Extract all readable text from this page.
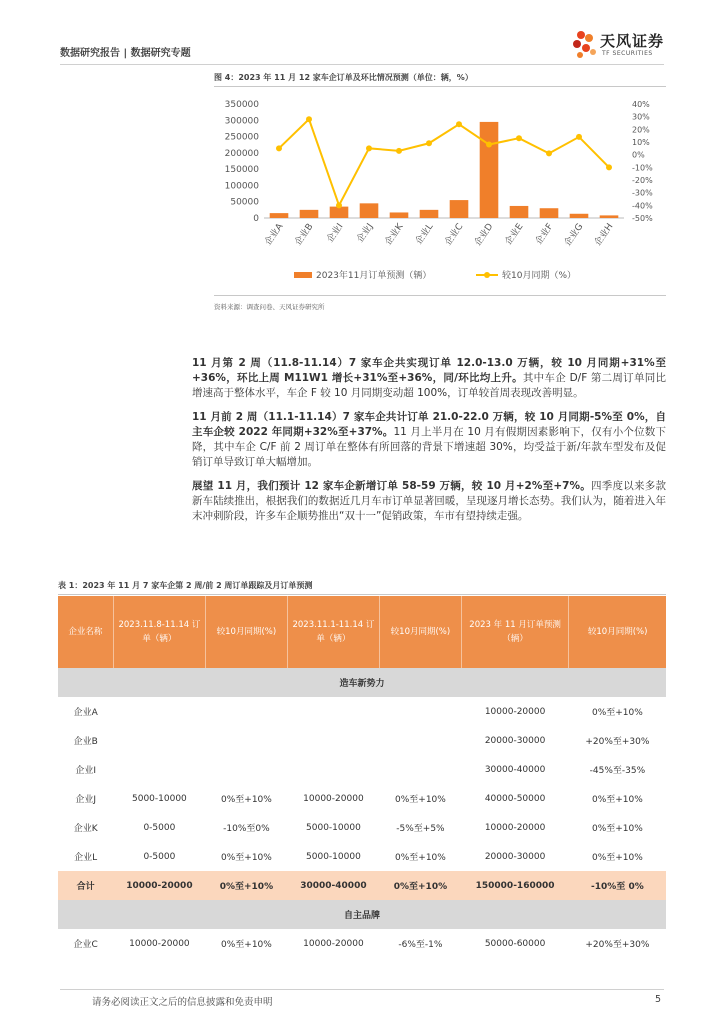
数据研究报告 | 数据研究专题
天风证券
TF SECURITIES
图 4：2023 年 11 月 12 家车企订单及环比情况预测（单位：辆，%）
0
50000
100000
150000
200000
250000
300000
350000	40%
30%
20%
10%
0%
-10%
-20%
-30%
-40%
-50%
企业A 企业B 企业I 企业J 企业K 企业L 企业C 企业D 企业E 企业F 企业G 企业H
2023年11月订单预测（辆）	较10月同期（%）
资料来源：调查问卷、天风证券研究所

11 月第 2 周（11.8-11.14）7 家车企共实现订单 12.0-13.0 万辆，较 10 月同期+31%至+36%，环比上周 M11W1 增长+31%至+36%，同/环比均上升。其中车企 D/F 第二周订单同比增速高于整体水平，车企 F 较 10 月同期变动超 100%，订单较首周表现改善明显。

11 月前 2 周（11.1-11.14）7 家车企共计订单 21.0-22.0 万辆，较 10 月同期-5%至 0%，自主车企较 2022 年同期+32%至+37%。11 月上半月在 10 月有假期因素影响下，仅有小个位数下降，其中车企 C/F 前 2 周订单在整体有所回落的背景下增速超 30%，均受益于新/年款车型发布及促销订单导致订单大幅增加。

展望 11 月，我们预计 12 家车企新增订单 58-59 万辆，较 10 月+2%至+7%。四季度以来多款新车陆续推出，根据我们的数据近几月车市订单显著回暖，呈现逐月增长态势。我们认为，随着进入年末冲刺阶段，许多车企顺势推出“双十一”促销政策，车市有望持续走强。

表 1：2023 年 11 月 7 家车企第 2 周/前 2 周订单跟踪及月订单预测
企业名称	2023.11.8-11.14 订单（辆）	较10月同期(%)	2023.11.1-11.14 订单（辆）	较10月同期(%)	2023 年 11 月订单预测（辆）	较10月同期(%)
造车新势力						
企业A					10000-20000	0%至+10%
企业B					20000-30000	+20%至+30%
企业I					30000-40000	-45%至-35%
企业J	5000-10000	0%至+10%	10000-20000	0%至+10%	40000-50000	0%至+10%
企业K	0-5000	-10%至0%	5000-10000	-5%至+5%	10000-20000	0%至+10%
企业L	0-5000	0%至+10%	5000-10000	0%至+10%	20000-30000	0%至+10%
合计	10000-20000	0%至+10%	30000-40000	0%至+10%	150000-160000	-10%至 0%
自主品牌						
企业C	10000-20000	0%至+10%	10000-20000	-6%至-1%	50000-60000	+20%至+30%
请务必阅读正文之后的信息披露和免责申明	5
